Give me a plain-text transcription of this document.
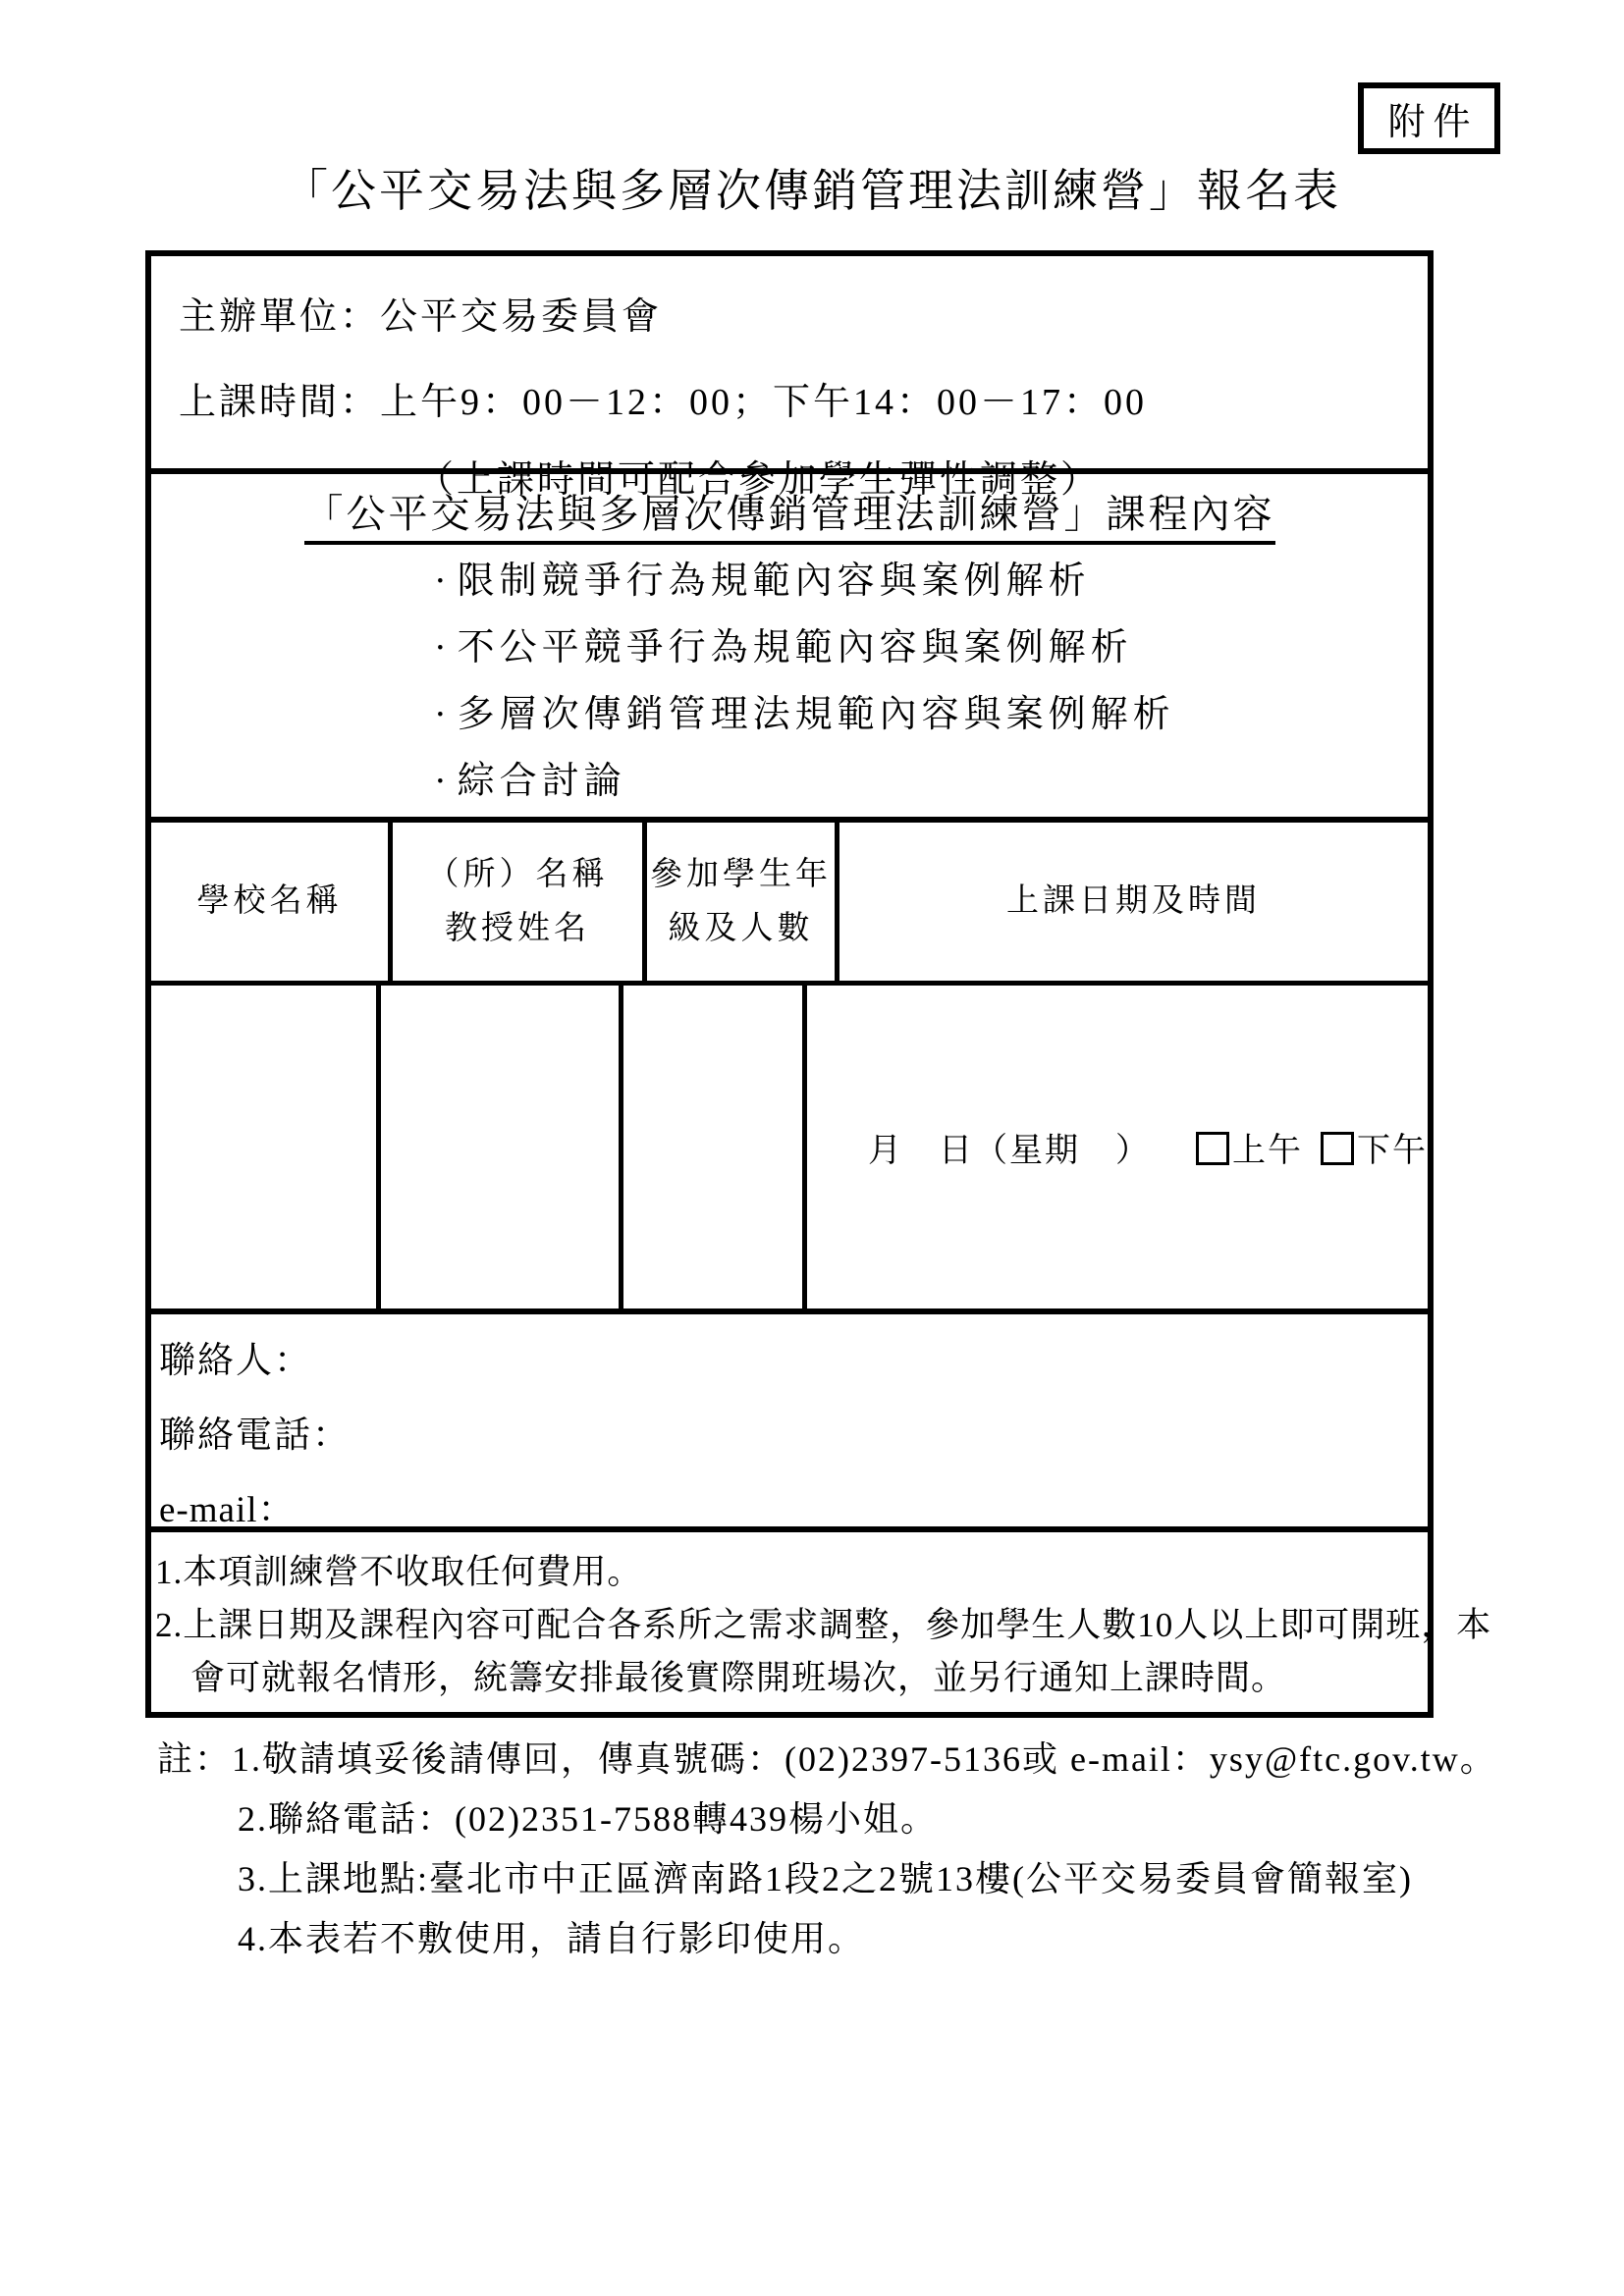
附件
「公平交易法與多層次傳銷管理法訓練營」報名表
主辦單位：公平交易委員會
上課時間：上午9：00－12：00；下午14：00－17：00
（上課時間可配合參加學生彈性調整）
「公平交易法與多層次傳銷管理法訓練營」課程內容
· 限制競爭行為規範內容與案例解析
· 不公平競爭行為規範內容與案例解析
· 多層次傳銷管理法規範內容與案例解析
· 綜合討論
學校名稱
（所）名稱
教授姓名
參加學生年
級及人數
上課日期及時間
月　日（星期　）	上午	下午
聯絡人：
聯絡電話：
e-mail：
1.本項訓練營不收取任何費用。
2.上課日期及課程內容可配合各系所之需求調整，參加學生人數10人以上即可開班，本
會可就報名情形，統籌安排最後實際開班場次，並另行通知上課時間。
註：1.敬請填妥後請傳回，傳真號碼：(02)2397-5136或 e-mail：ysy@ftc.gov.tw。
2.聯絡電話：(02)2351-7588轉439楊小姐。
3.上課地點:臺北市中正區濟南路1段2之2號13樓(公平交易委員會簡報室)
4.本表若不敷使用，請自行影印使用。
